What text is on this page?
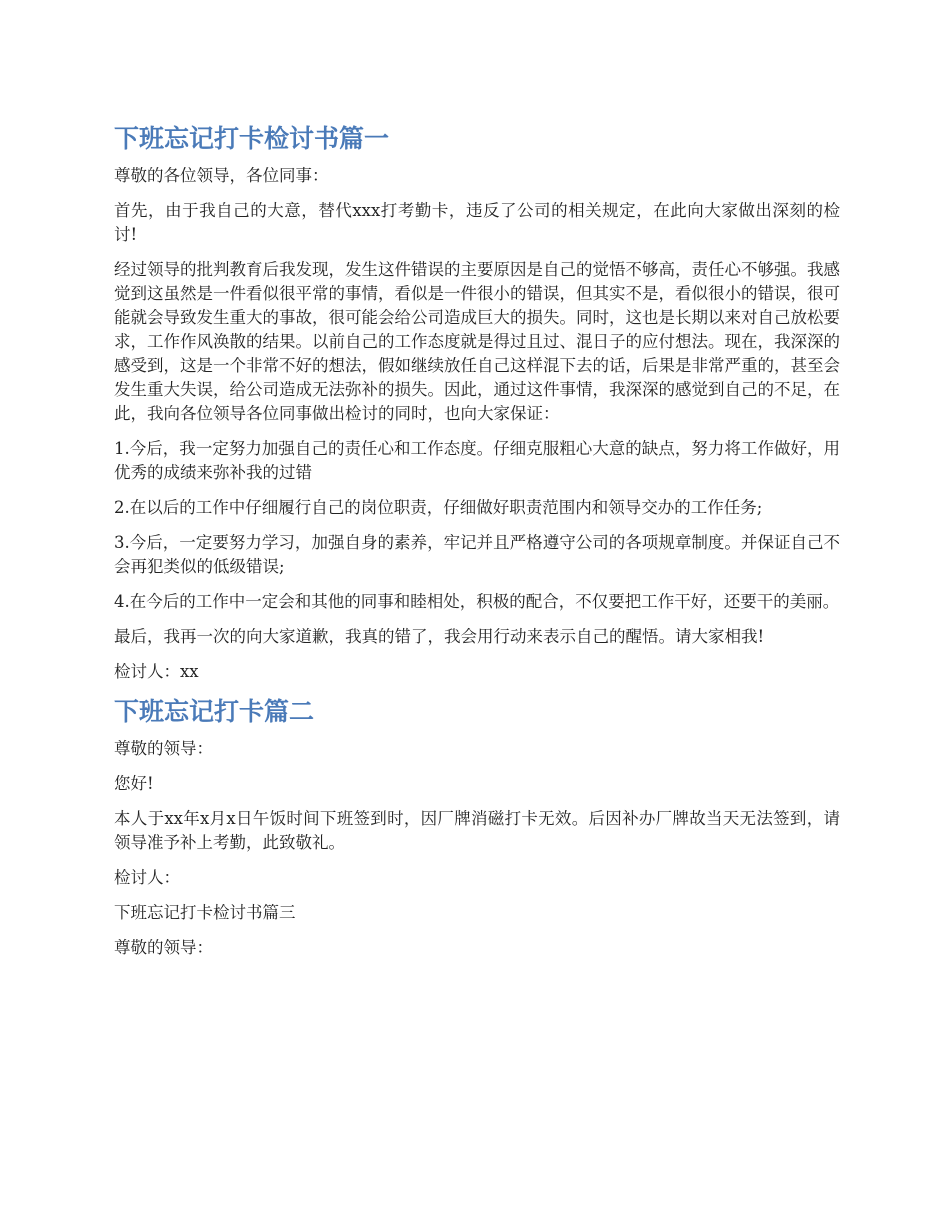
下班忘记打卡检讨书篇一

尊敬的各位领导，各位同事：

首先，由于我自己的大意，替代xxx打考勤卡，违反了公司的相关规定，在此向大家做出深刻的检讨!

经过领导的批判教育后我发现，发生这件错误的主要原因是自己的觉悟不够高，责任心不够强。我感觉到这虽然是一件看似很平常的事情，看似是一件很小的错误，但其实不是，看似很小的错误，很可能就会导致发生重大的事故，很可能会给公司造成巨大的损失。同时，这也是长期以来对自己放松要求，工作作风涣散的结果。以前自己的工作态度就是得过且过、混日子的应付想法。现在，我深深的感受到，这是一个非常不好的想法，假如继续放任自己这样混下去的话，后果是非常严重的，甚至会发生重大失误，给公司造成无法弥补的损失。因此，通过这件事情，我深深的感觉到自己的不足，在此，我向各位领导各位同事做出检讨的同时，也向大家保证：

1.今后，我一定努力加强自己的责任心和工作态度。仔细克服粗心大意的缺点，努力将工作做好，用优秀的成绩来弥补我的过错

2.在以后的工作中仔细履行自己的岗位职责，仔细做好职责范围内和领导交办的工作任务;

3.今后，一定要努力学习，加强自身的素养，牢记并且严格遵守公司的各项规章制度。并保证自己不会再犯类似的低级错误;

4.在今后的工作中一定会和其他的同事和睦相处，积极的配合，不仅要把工作干好，还要干的美丽。

最后，我再一次的向大家道歉，我真的错了，我会用行动来表示自己的醒悟。请大家相我!

检讨人：xx

下班忘记打卡篇二

尊敬的领导：

您好!

本人于xx年x月x日午饭时间下班签到时，因厂牌消磁打卡无效。后因补办厂牌故当天无法签到，请领导准予补上考勤，此致敬礼。

检讨人：

下班忘记打卡检讨书篇三

尊敬的领导：
